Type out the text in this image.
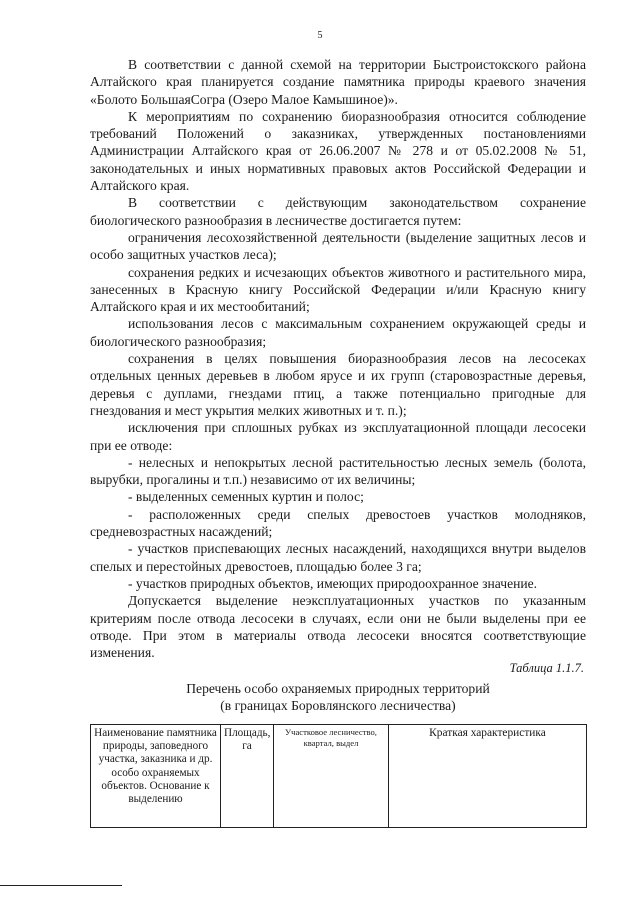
5

В соответствии с данной схемой на территории Быстроистокского района Алтайского края планируется создание памятника природы краевого значения «Болото БольшаяСогра (Озеро Малое Камышиное)».

К мероприятиям по сохранению биоразнообразия относится соблюдение требований Положений о заказниках, утвержденных постановлениями Администрации Алтайского края от 26.06.2007 № 278 и от 05.02.2008 № 51, законодательных и иных нормативных правовых актов Российской Федерации и Алтайского края.

В соответствии с действующим законодательством сохранение биологического разнообразия в лесничестве достигается путем:

ограничения лесохозяйственной деятельности (выделение защитных лесов и особо защитных участков леса);

сохранения редких и исчезающих объектов животного и растительного мира, занесенных в Красную книгу Российской Федерации и/или Красную книгу Алтайского края и их местообитаний;

использования лесов с максимальным сохранением окружающей среды и биологического разнообразия;

сохранения в целях повышения биоразнообразия лесов на лесосеках отдельных ценных деревьев в любом ярусе и их групп (старовозрастные деревья, деревья с дуплами, гнездами птиц, а также потенциально пригодные для гнездования и мест укрытия мелких животных и т. п.);

исключения при сплошных рубках из эксплуатационной площади лесосеки при ее отводе:

- нелесных и непокрытых лесной растительностью лесных земель (болота, вырубки, прогалины и т.п.) независимо от их величины;

- выделенных семенных куртин и полос;

- расположенных среди спелых древостоев участков молодняков, средневозрастных насаждений;

- участков приспевающих лесных насаждений, находящихся внутри выделов спелых и перестойных древостоев, площадью более 3 га;

- участков природных объектов, имеющих природоохранное значение.

Допускается выделение неэксплуатационных участков по указанным критериям после отвода лесосеки в случаях, если они не были выделены при ее отводе. При этом в материалы отвода лесосеки вносятся соответствующие изменения.

Таблица 1.1.7.
Перечень особо охраняемых природных территорий
(в границах Боровлянского лесничества)
Наименование памятника природы, заповедного участка, заказника и др. особо охраняемых объектов. Основание к выделению	Площадь, га	Участковое лесничество, квартал, выдел	Краткая характеристика
